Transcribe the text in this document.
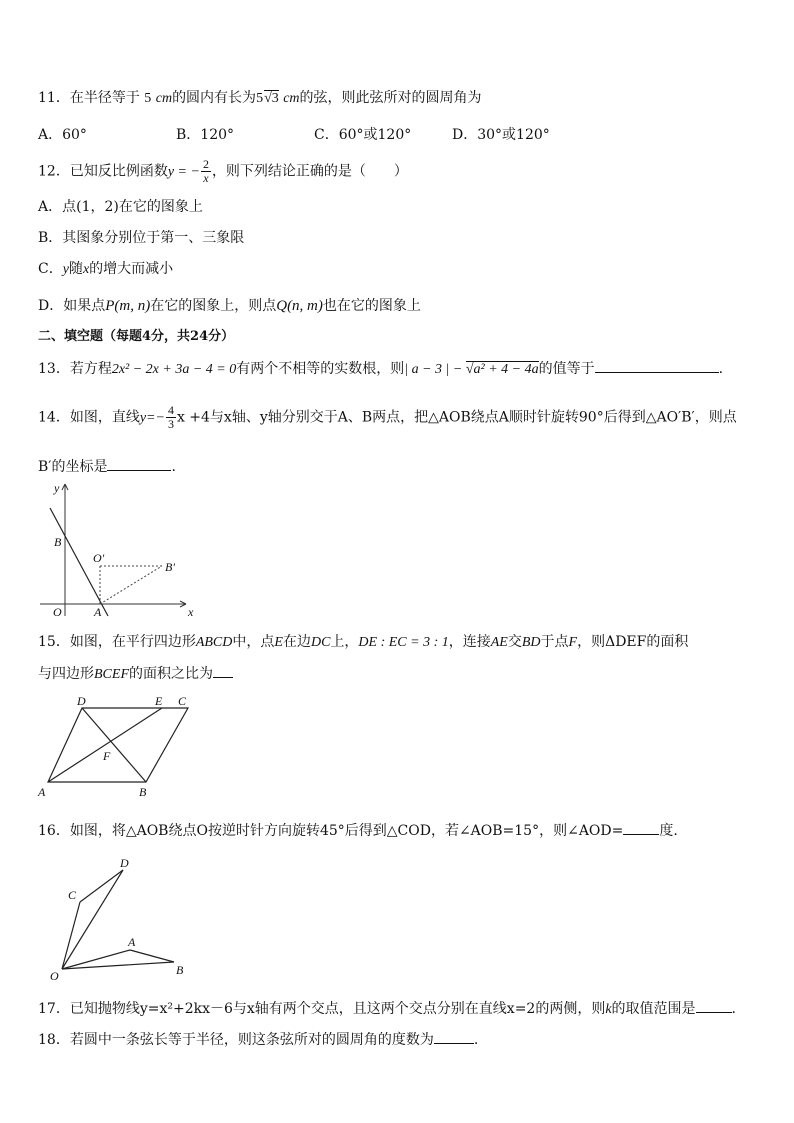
11．在半径等于 5 cm的圆内有长为5√3 cm的弦，则此弦所对的圆周角为
A．60°	B．120°	C．60°或120°	D．30°或120°
12．已知反比例函数y = − $\frac{2}{x}$ ，则下列结论正确的是（　　）
A．点(1，2)在它的图象上
B．其图象分别位于第一、三象限
C．y随x的增大而减小
D．如果点P(m, n)在它的图象上，则点Q(n, m)也在它的图象上
二、填空题（每题4分，共24分）
13．若方程2x² − 2x + 3a − 4 = 0有两个不相等的实数根，则| a − 3 | − √a² + 4 − 4a的值等于	.
14．如图，直线$y=- \frac{4}{3}$ x +4与x轴、y轴分别交于A、B两点，把△AOB绕点A顺时针旋转90°后得到△AO′B′，则点
B′的坐标是	.
y
x
B
O′
B′
O	A
15．如图，在平行四边形ABCD中，点E在边DC上，DE : EC = 3 : 1，连接AE交BD于点F，则ΔDEF的面积
与四边形BCEF的面积之比为
D	E C
F
A	B
16．如图，将△AOB绕点O按逆时针方向旋转45°后得到△COD，若∠AOB=15°，则∠AOD=	度.
D
C
A
O	B
17．已知抛物线y=x²+2kx－6与x轴有两个交点，且这两个交点分别在直线x=2的两侧，则k的取值范围是	.
18．若圆中一条弦长等于半径，则这条弦所对的圆周角的度数为	.
